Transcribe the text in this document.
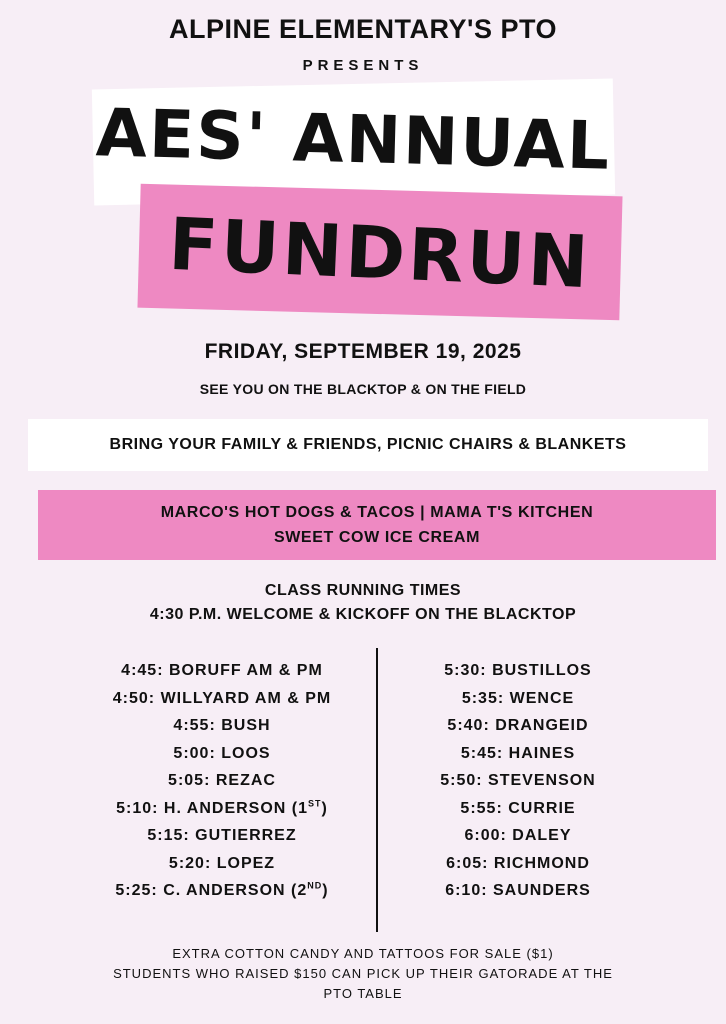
ALPINE ELEMENTARY'S PTO
PRESENTS
AES' ANNUAL
FUNDRUN
FRIDAY, SEPTEMBER 19, 2025
SEE YOU ON THE BLACKTOP & ON THE FIELD
BRING YOUR FAMILY & FRIENDS, PICNIC CHAIRS & BLANKETS
MARCO'S HOT DOGS & TACOS | MAMA T'S KITCHEN
SWEET COW ICE CREAM
CLASS RUNNING TIMES
4:30 P.M. WELCOME & KICKOFF ON THE BLACKTOP
4:45: BORUFF AM & PM
4:50: WILLYARD AM & PM
4:55: BUSH
5:00: LOOS
5:05: REZAC
5:10: H. ANDERSON (1ST)
5:15: GUTIERREZ
5:20: LOPEZ
5:25: C. ANDERSON (2ND)
5:30: BUSTILLOS
5:35: WENCE
5:40: DRANGEID
5:45: HAINES
5:50: STEVENSON
5:55: CURRIE
6:00: DALEY
6:05: RICHMOND
6:10: SAUNDERS
EXTRA COTTON CANDY AND TATTOOS FOR SALE ($1)
STUDENTS WHO RAISED $150 CAN PICK UP THEIR GATORADE AT THE
PTO TABLE
